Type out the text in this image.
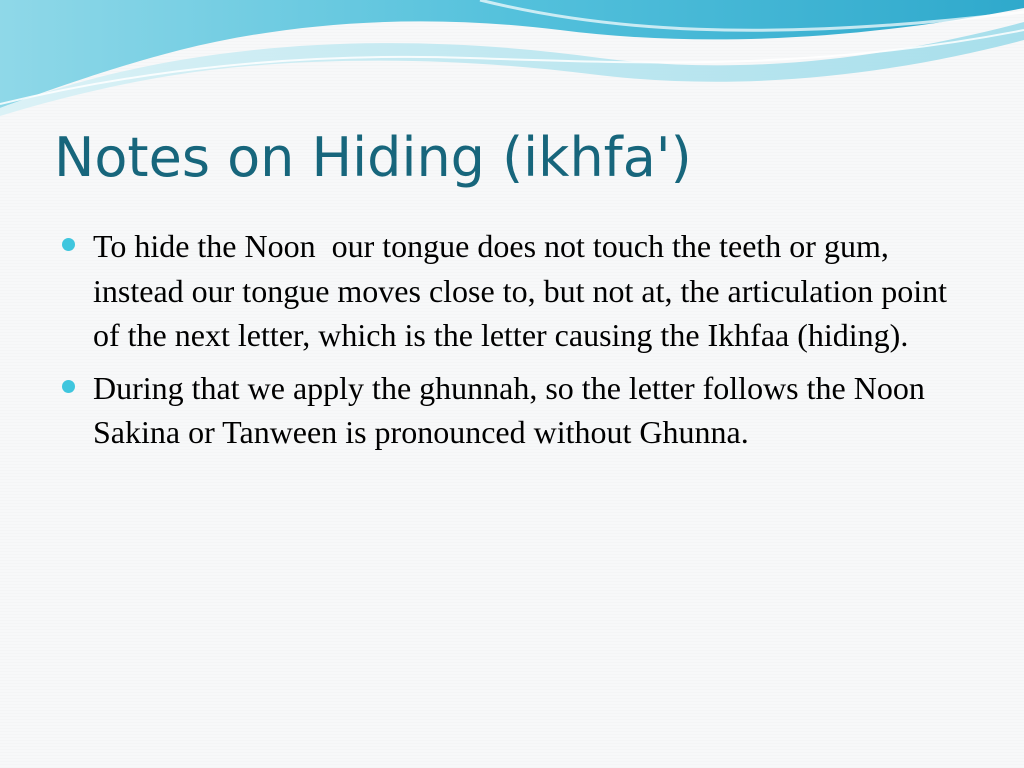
Notes on Hiding (ikhfa')
To hide the Noon  our tongue does not touch the teeth or gum, instead our tongue moves close to, but not at, the articulation point of the next letter, which is the letter causing the Ikhfaa (hiding).
During that we apply the ghunnah, so the letter follows the Noon Sakina or Tanween is pronounced without Ghunna.
